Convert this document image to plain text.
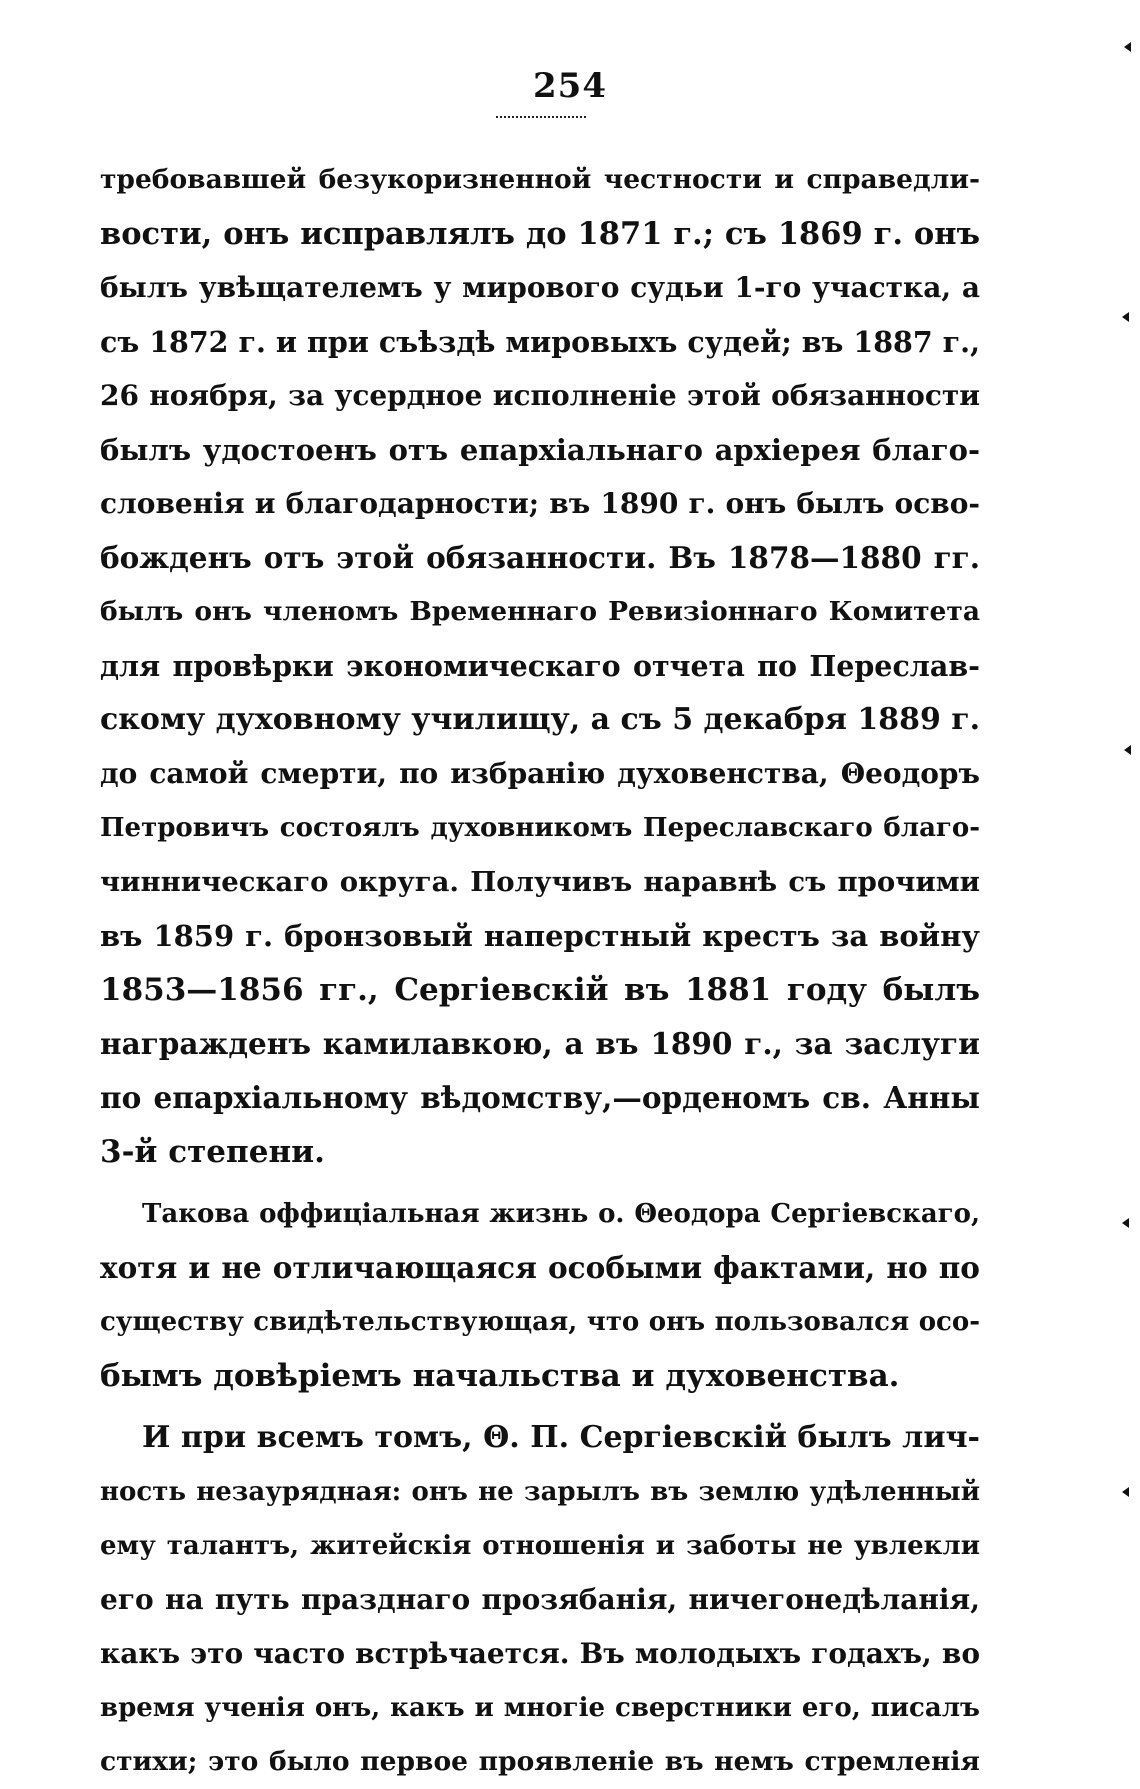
254
требовавшей безукоризненной честности и справедли-
вости, онъ исправлялъ до 1871 г.; съ 1869 г. онъ
былъ увѣщателемъ у мирового судьи 1-го участка, а
съ 1872 г. и при съѣздѣ мировыхъ судей; въ 1887 г.,
26 ноября, за усердное исполненіе этой обязанности
былъ удостоенъ отъ епархіальнаго архіерея благо-
словенія и благодарности; въ 1890 г. онъ былъ осво-
божденъ отъ этой обязанности. Въ 1878—1880 гг.
былъ онъ членомъ Временнаго Ревизіоннаго Комитета
для провѣрки экономическаго отчета по Переслав-
скому духовному училищу, а съ 5 декабря 1889 г.
до самой смерти, по избранію духовенства, Θеодоръ
Петровичъ состоялъ духовникомъ Переславскаго благо-
чинническаго округа. Получивъ наравнѣ съ прочими
въ 1859 г. бронзовый наперстный крестъ за войну
1853—1856 гг., Сергіевскій въ 1881 году былъ
награжденъ камилавкою, а въ 1890 г., за заслуги
по епархіальному вѣдомству,—орденомъ св. Анны
3-й степени.
Такова оффиціальная жизнь о. Θеодора Сергіевскаго,
хотя и не отличающаяся особыми фактами, но по
существу свидѣтельствующая, что онъ пользовался осо-
бымъ довѣріемъ начальства и духовенства.
И при всемъ томъ, Θ. П. Сергіевскій былъ лич-
ность незаурядная: онъ не зарылъ въ землю удѣленный
ему талантъ, житейскія отношенія и заботы не увлекли
его на путь празднаго прозябанія, ничегонедѣланія,
какъ это часто встрѣчается. Въ молодыхъ годахъ, во
время ученія онъ, какъ и многіе сверстники его, писалъ
стихи; это было первое проявленіе въ немъ стремленія
